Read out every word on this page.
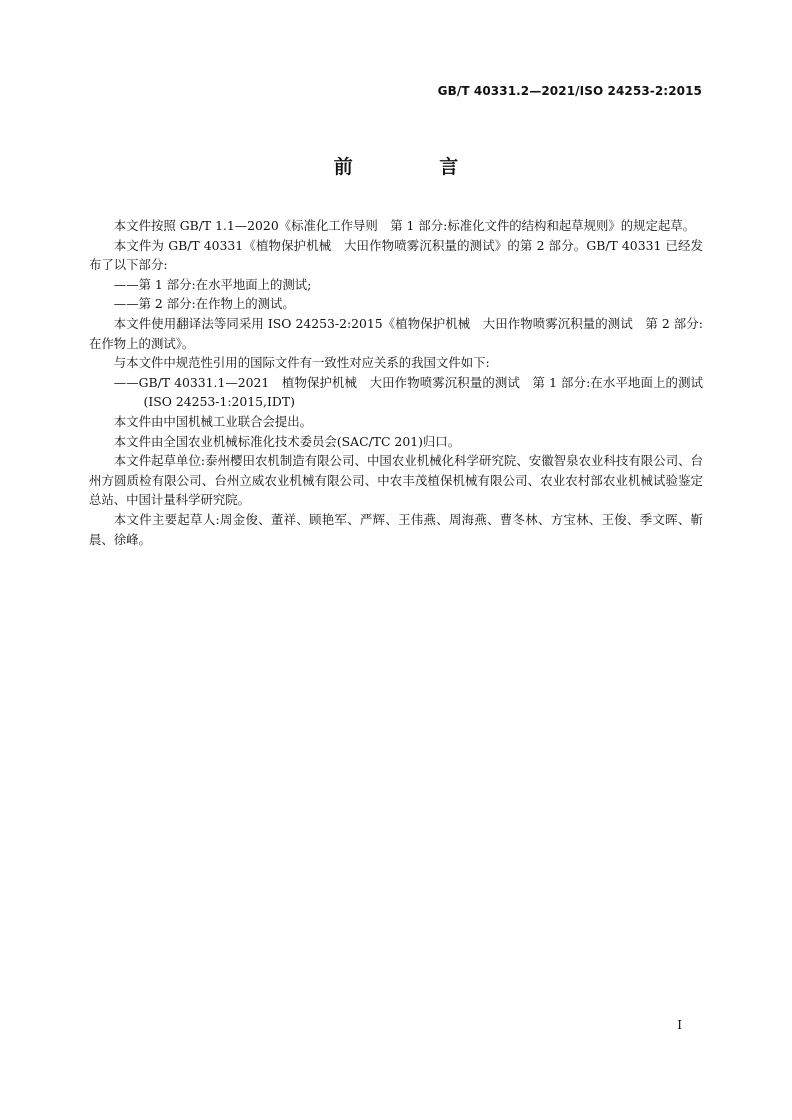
GB/T 40331.2—2021/ISO 24253-2:2015
前 言

本文件按照 GB/T 1.1—2020《标准化工作导则　第 1 部分:标准化文件的结构和起草规则》的规定起草。

本文件为 GB/T 40331《植物保护机械　大田作物喷雾沉积量的测试》的第 2 部分。GB/T 40331 已经发布了以下部分:

——第 1 部分:在水平地面上的测试;

——第 2 部分:在作物上的测试。

本文件使用翻译法等同采用 ISO 24253-2:2015《植物保护机械　大田作物喷雾沉积量的测试　第 2 部分:在作物上的测试》。

与本文件中规范性引用的国际文件有一致性对应关系的我国文件如下:

——GB/T 40331.1—2021　植物保护机械　大田作物喷雾沉积量的测试　第 1 部分:在水平地面上的测试(ISO 24253-1:2015,IDT)

本文件由中国机械工业联合会提出。

本文件由全国农业机械标准化技术委员会(SAC/TC 201)归口。

本文件起草单位:泰州樱田农机制造有限公司、中国农业机械化科学研究院、安徽智泉农业科技有限公司、台州方圆质检有限公司、台州立威农业机械有限公司、中农丰茂植保机械有限公司、农业农村部农业机械试验鉴定总站、中国计量科学研究院。

本文件主要起草人:周金俊、董祥、顾艳军、严辉、王伟燕、周海燕、曹冬林、方宝林、王俊、季文晖、靳晨、徐峰。

I
